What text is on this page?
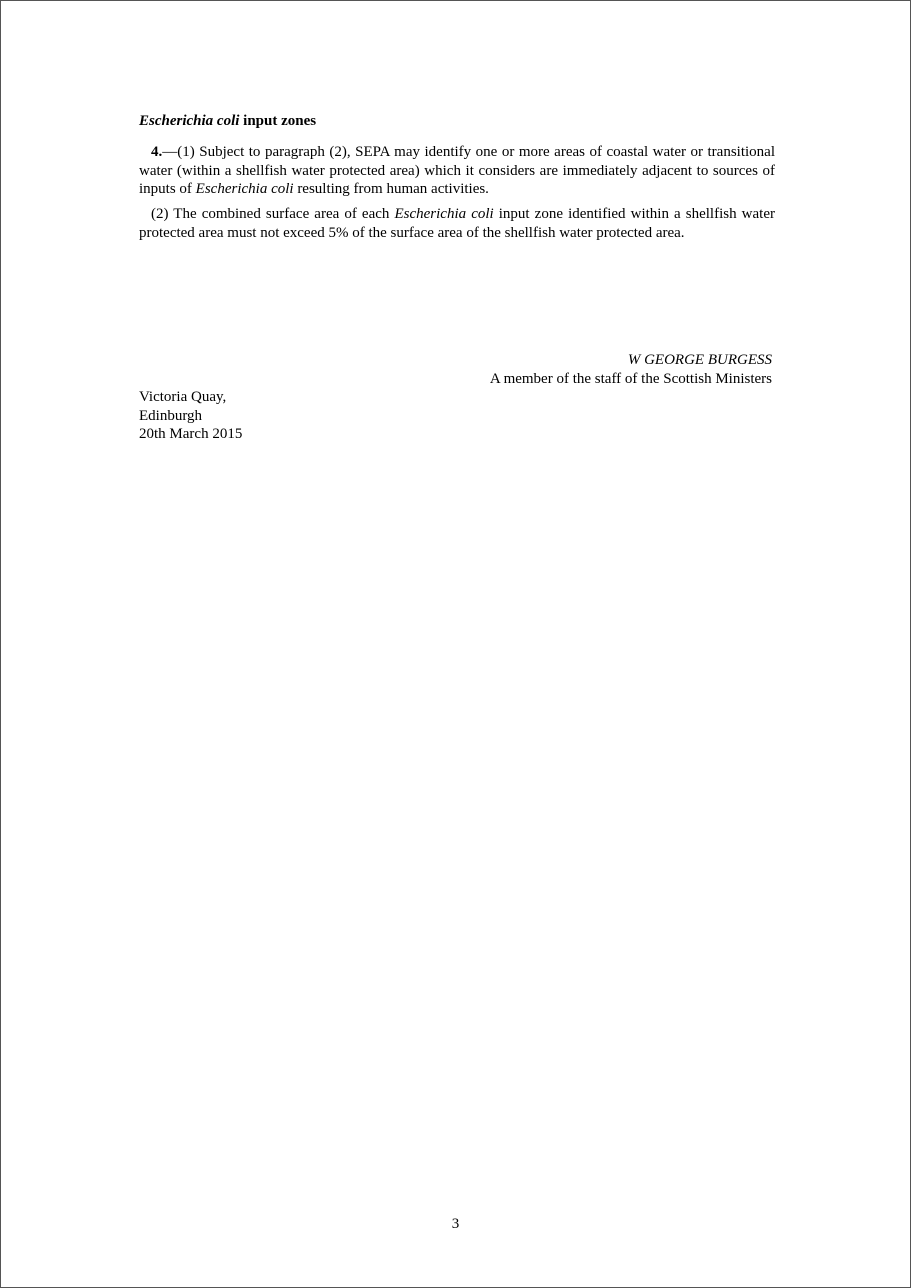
Escherichia coli input zones

4.—(1) Subject to paragraph (2), SEPA may identify one or more areas of coastal water or transitional water (within a shellfish water protected area) which it considers are immediately adjacent to sources of inputs of Escherichia coli resulting from human activities.

(2) The combined surface area of each Escherichia coli input zone identified within a shellfish water protected area must not exceed 5% of the surface area of the shellfish water protected area.

W GEORGE BURGESS
A member of the staff of the Scottish Ministers
Victoria Quay,
Edinburgh
20th March 2015
3
